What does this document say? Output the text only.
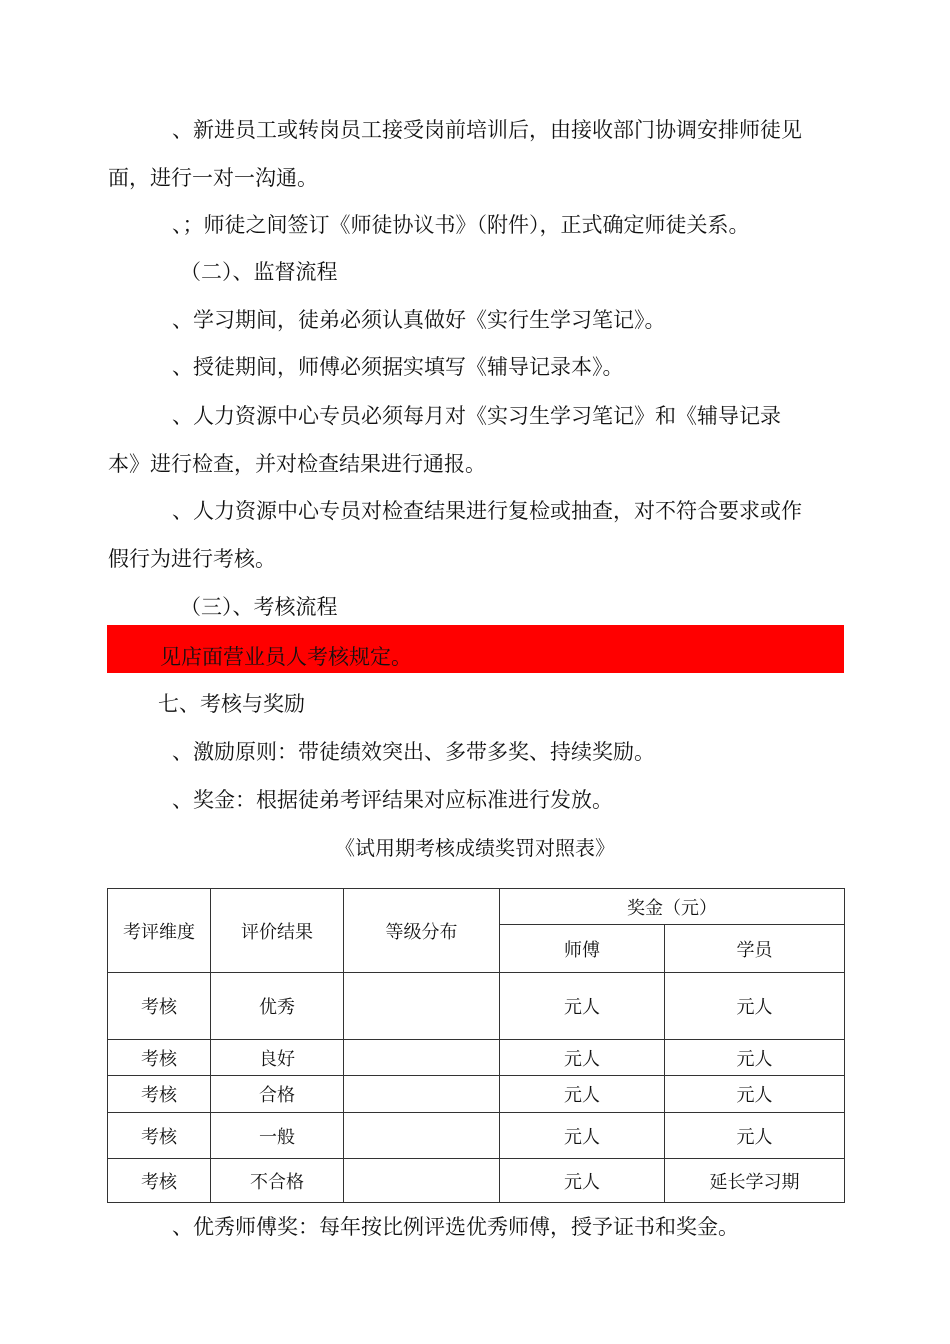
、新进员工或转岗员工接受岗前培训后，由接收部门协调安排师徒见
面，进行一对一沟通。
、；师徒之间签订《师徒协议书》（附件），正式确定师徒关系。
（二）、监督流程
、学习期间，徒弟必须认真做好《实行生学习笔记》。
、授徒期间，师傅必须据实填写《辅导记录本》。
、人力资源中心专员必须每月对《实习生学习笔记》和《辅导记录
本》进行检查，并对检查结果进行通报。
、人力资源中心专员对检查结果进行复检或抽查，对不符合要求或作
假行为进行考核。
（三）、考核流程
见店面营业员人考核规定。
七、考核与奖励
、激励原则：带徒绩效突出、多带多奖、持续奖励。
、奖金：根据徒弟考评结果对应标准进行发放。
《试用期考核成绩奖罚对照表》
考评维度	评价结果	等级分布	奖金（元）	
			师傅	学员
考核	优秀		元人	元人
考核	良好		元人	元人
考核	合格		元人	元人
考核	一般		元人	元人
考核	不合格		元人	延长学习期
、优秀师傅奖：每年按比例评选优秀师傅，授予证书和奖金。
